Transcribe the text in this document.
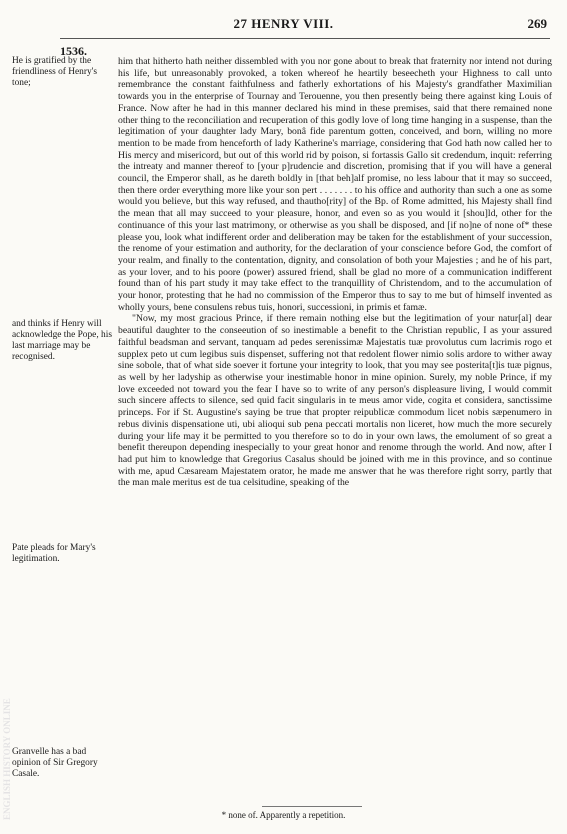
27 HENRY VIII.	269
1536.
ENGLISH HISTORY ONLINE
He is gratified by the friendliness of Henry's tone;
and thinks if Henry will acknowledge the Pope, his last marriage may be recognised.
Pate pleads for Mary's legitimation.
Granvelle has a bad opinion of Sir Gregory Casale.

him that hitherto hath neither dissembled with you nor gone about to break that fraternity nor intend not during his life, but unreasonably provoked, a token whereof he heartily beseecheth your Highness to call unto remembrance the constant faithfulness and fatherly exhortations of his Majesty's grandfather Maximilian towards you in the enterprise of Tournay and Terouenne, you then presently being there against king Louis of France. Now after he had in this manner declared his mind in these premises, said that there remained none other thing to the reconciliation and recuperation of this godly love of long time hanging in a suspense, than the legitimation of your daughter lady Mary, bonâ fide parentum gotten, conceived, and born, willing no more mention to be made from henceforth of lady Katherine's marriage, considering that God hath now called her to His mercy and misericord, but out of this world rid by poison, si fortassis Gallo sit credendum, inquit: referring the intreaty and manner thereof to [your p]rudencie and discretion, promising that if you will have a general council, the Emperor shall, as he dareth boldly in [that beh]alf promise, no less labour that it may so succeed, then there order everything more like your son pert . . . . . . . to his office and authority than such a one as some would you believe, but this way refused, and thautho[rity] of the Bp. of Rome admitted, his Majesty shall find the mean that all may succeed to your pleasure, honor, and even so as you would it [shou]ld, other for the continuance of this your last matrimony, or otherwise as you shall be disposed, and [if no]ne of none of* these please you, look what indifferent order and deliberation may be taken for the establishment of your succession, the renome of your estimation and authority, for the declaration of your conscience before God, the comfort of your realm, and finally to the contentation, dignity, and consolation of both your Majesties ; and he of his part, as your lover, and to his poore (power) assured friend, shall be glad no more of a communication indifferent found than of his part study it may take effect to the tranquillity of Christendom, and to the accumulation of your honor, protesting that he had no commission of the Emperor thus to say to me but of himself invented as wholly yours, bene consulens rebus tuis, honori, successioni, in primis et famæ.

"Now, my most gracious Prince, if there remain nothing else but the legitimation of your natur[al] dear beautiful daughter to the conseeution of so inestimable a benefit to the Christian republic, I as your assured faithful beadsman and servant, tanquam ad pedes serenissimæ Majestatis tuæ provolutus cum lacrimis rogo et supplex peto ut cum legibus suis dispenset, suffering not that redolent flower nimio solis ardore to wither away sine sobole, that of what side soever it fortune your integrity to look, that you may see posterita[t]is tuæ pignus, as well by her ladyship as otherwise your inestimable honor in mine opinion. Surely, my noble Prince, if my love exceeded not toward you the fear I have so to write of any person's displeasure living, I would commit such sincere affects to silence, sed quid facit singularis in te meus amor vide, cogita et considera, sanctissime princeps. For if St. Augustine's saying be true that propter reipublicæ commodum licet nobis sæpenumero in rebus divinis dispensatione uti, ubi alioqui sub pena peccati mortalis non liceret, how much the more securely during your life may it be permitted to you therefore so to do in your own laws, the emolument of so great a benefit thereupon depending inespecially to your great honor and renome through the world. And now, after I had put him to knowledge that Gregorius Casalus should be joined with me in this province, and so continue with me, apud Cæsaream Majestatem orator, he made me answer that he was therefore right sorry, partly that the man male meritus est de tua celsitudine, speaking of the

* none of. Apparently a repetition.
